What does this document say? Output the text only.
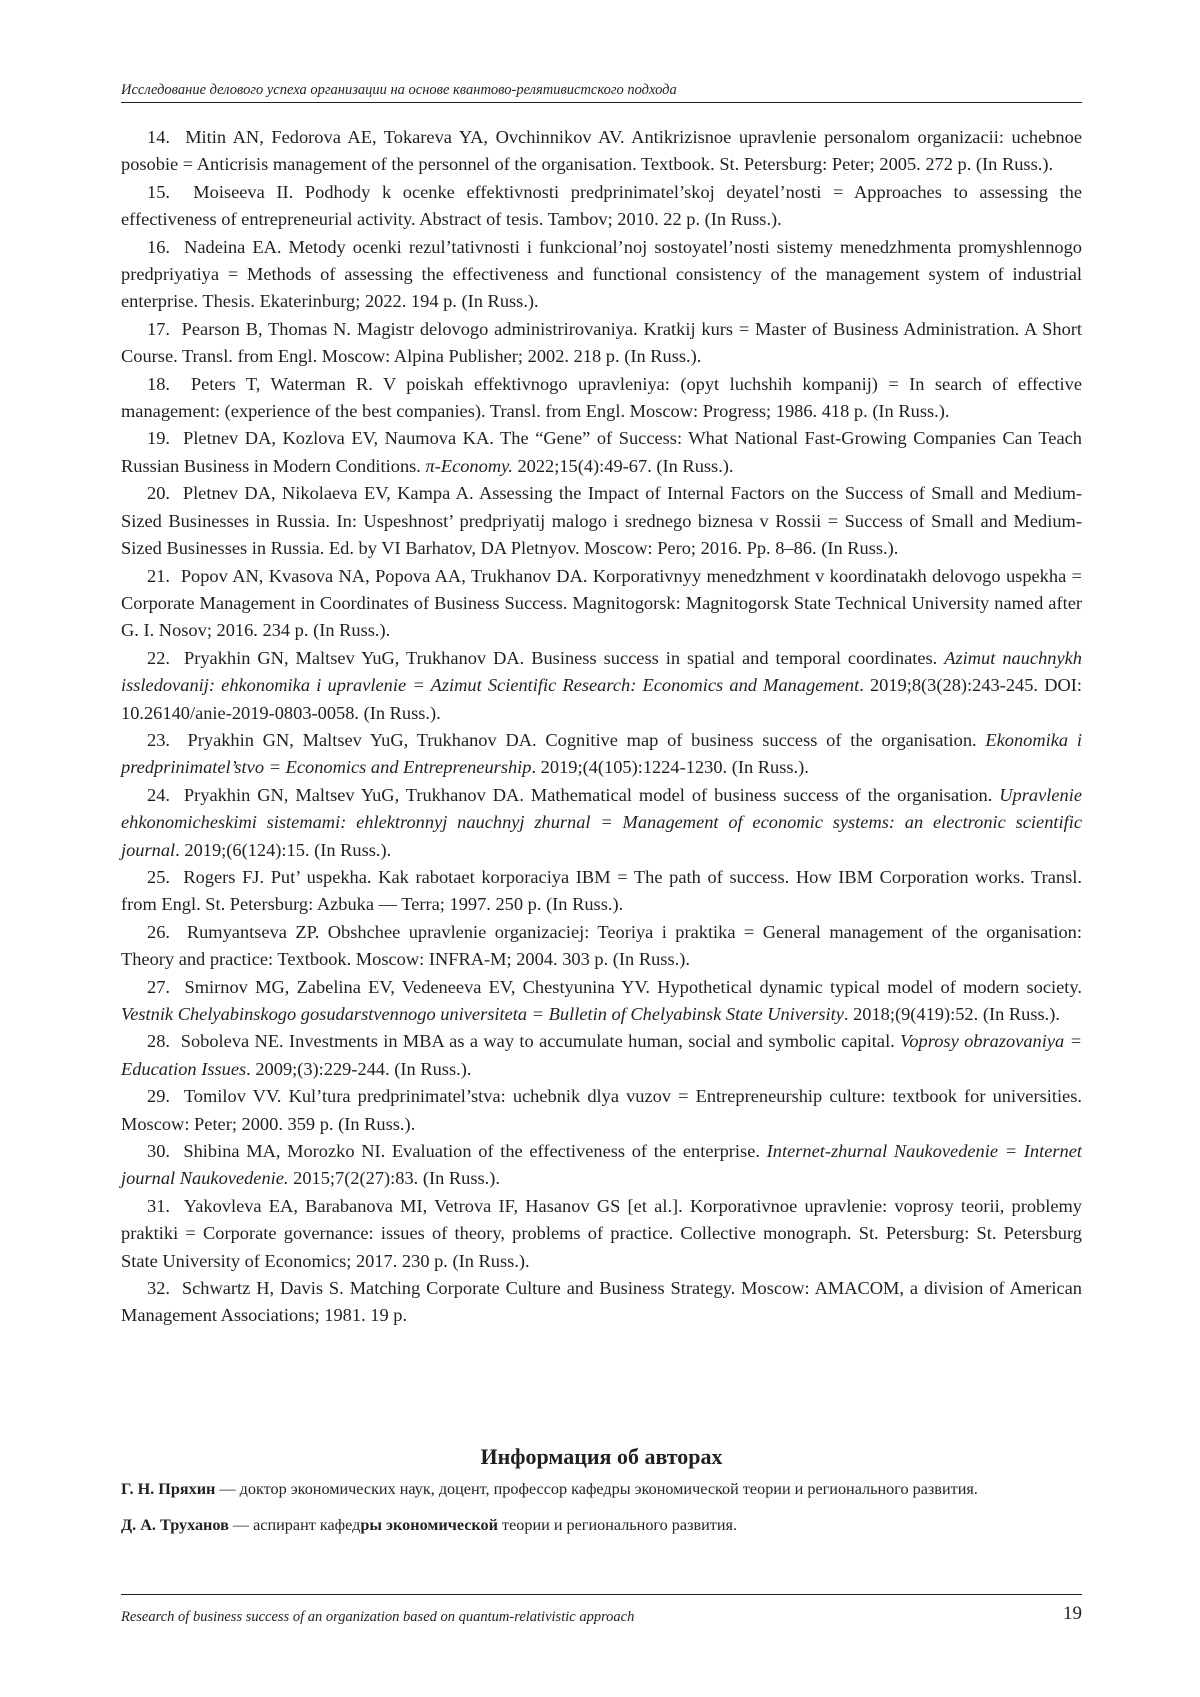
Исследование делового успеха организации на основе квантово-релятивистского подхода

14. Mitin AN, Fedorova AE, Tokareva YA, Ovchinnikov AV. Antikrizisnoe upravlenie personalom organizacii: uchebnoe posobie = Anticrisis management of the personnel of the organisation. Textbook. St. Petersburg: Peter; 2005. 272 p. (In Russ.).

15. Moiseeva II. Podhody k ocenke effektivnosti predprinimatel’skoj deyatel’nosti = Approaches to assessing the effectiveness of entrepreneurial activity. Abstract of tesis. Tambov; 2010. 22 p. (In Russ.).

16. Nadeina EA. Metody ocenki rezul’tativnosti i funkcional’noj sostoyatel’nosti sistemy menedzhmenta promyshlennogo predpriyatiya = Methods of assessing the effectiveness and functional consistency of the management system of industrial enterprise. Thesis. Ekaterinburg; 2022. 194 p. (In Russ.).

17. Pearson B, Thomas N. Magistr delovogo administrirovaniya. Kratkij kurs = Master of Business Administration. A Short Course. Transl. from Engl. Moscow: Alpina Publisher; 2002. 218 p. (In Russ.).

18. Peters T, Waterman R. V poiskah effektivnogo upravleniya: (opyt luchshih kompanij) = In search of effective management: (experience of the best companies). Transl. from Engl. Moscow: Progress; 1986. 418 p. (In Russ.).

19. Pletnev DA, Kozlova EV, Naumova KA. The “Gene” of Success: What National Fast-Growing Companies Can Teach Russian Business in Modern Conditions. π-Economy. 2022;15(4):49-67. (In Russ.).

20. Pletnev DA, Nikolaeva EV, Kampa A. Assessing the Impact of Internal Factors on the Success of Small and Medium-Sized Businesses in Russia. In: Uspeshnost’ predpriyatij malogo i srednego biznesa v Rossii = Success of Small and Medium-Sized Businesses in Russia. Ed. by VI Barhatov, DA Pletnyov. Moscow: Pero; 2016. Pp. 8–86. (In Russ.).

21. Popov AN, Kvasova NA, Popova AA, Trukhanov DA. Korporativnyy menedzhment v koordinatakh delovogo uspekha = Corporate Management in Coordinates of Business Success. Magnitogorsk: Magnitogorsk State Technical University named after G. I. Nosov; 2016. 234 p. (In Russ.).

22. Pryakhin GN, Maltsev YuG, Trukhanov DA. Business success in spatial and temporal coordinates. Azimut nauchnykh issledovanij: ehkonomika i upravlenie = Azimut Scientific Research: Economics and Management. 2019;8(3(28):243-245. DOI: 10.26140/anie-2019-0803-0058. (In Russ.).

23. Pryakhin GN, Maltsev YuG, Trukhanov DA. Cognitive map of business success of the organisation. Ekonomika i predprinimatel’stvo = Economics and Entrepreneurship. 2019;(4(105):1224-1230. (In Russ.).

24. Pryakhin GN, Maltsev YuG, Trukhanov DA. Mathematical model of business success of the organisation. Upravlenie ehkonomicheskimi sistemami: ehlektronnyj nauchnyj zhurnal = Management of economic systems: an electronic scientific journal. 2019;(6(124):15. (In Russ.).

25. Rogers FJ. Put’ uspekha. Kak rabotaet korporaciya IBM = The path of success. How IBM Corporation works. Transl. from Engl. St. Petersburg: Azbuka — Terra; 1997. 250 p. (In Russ.).

26. Rumyantseva ZP. Obshchee upravlenie organizaciej: Teoriya i praktika = General management of the organisation: Theory and practice: Textbook. Moscow: INFRA-M; 2004. 303 p. (In Russ.).

27. Smirnov MG, Zabelina EV, Vedeneeva EV, Chestyunina YV. Hypothetical dynamic typical model of modern society. Vestnik Chelyabinskogo gosudarstvennogo universiteta = Bulletin of Chelyabinsk State University. 2018;(9(419):52. (In Russ.).

28. Soboleva NE. Investments in MBA as a way to accumulate human, social and symbolic capital. Voprosy obrazovaniya = Education Issues. 2009;(3):229-244. (In Russ.).

29. Tomilov VV. Kul’tura predprinimatel’stva: uchebnik dlya vuzov = Entrepreneurship culture: textbook for universities. Moscow: Peter; 2000. 359 p. (In Russ.).

30. Shibina MA, Morozko NI. Evaluation of the effectiveness of the enterprise. Internet-zhurnal Naukovedenie = Internet journal Naukovedenie. 2015;7(2(27):83. (In Russ.).

31. Yakovleva EA, Barabanova MI, Vetrova IF, Hasanov GS [et al.]. Korporativnoe upravlenie: voprosy teorii, problemy praktiki = Corporate governance: issues of theory, problems of practice. Collective monograph. St. Petersburg: St. Petersburg State University of Economics; 2017. 230 p. (In Russ.).

32. Schwartz H, Davis S. Matching Corporate Culture and Business Strategy. Moscow: AMACOM, a division of American Management Associations; 1981. 19 p.

Информация об авторах

Г. Н. Пряхин — доктор экономических наук, доцент, профессор кафедры экономической теории и регионального развития.

Д. А. Труханов — аспирант кафедры экономической теории и регионального развития.

Research of business success of an organization based on quantum-relativistic approach	19
